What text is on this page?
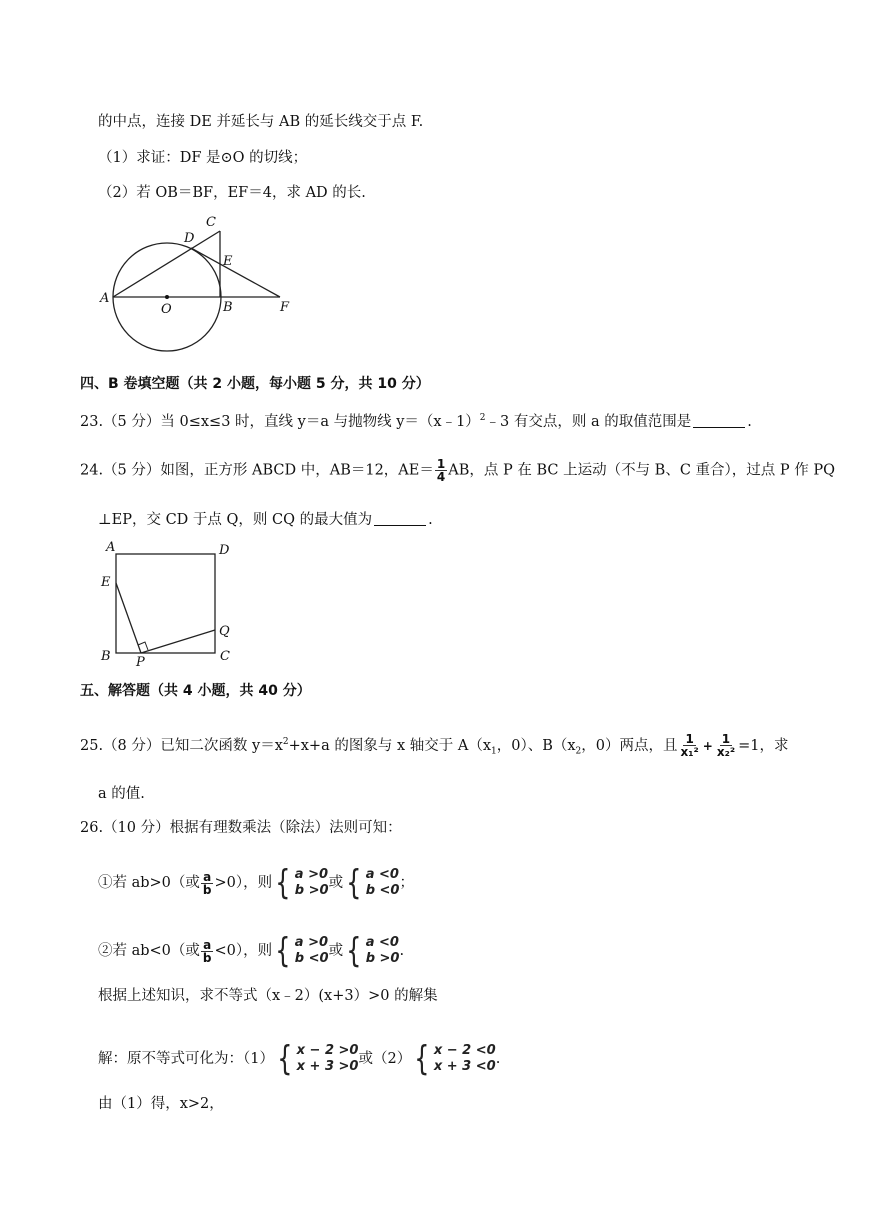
的中点，连接 DE 并延长与 AB 的延长线交于点 F.
（1）求证：DF 是⊙O 的切线；
（2）若 OB＝BF，EF＝4，求 AD 的长.
A
O	B	F
C
D
E
四、B 卷填空题（共 2 小题，每小题 5 分，共 10 分）
23.（5 分）当 0≤x≤3 时，直线 y＝a 与抛物线 y＝（x﹣1）$^2$﹣3 有交点，则 a 的取值范围是	.
24.（5 分）如图，正方形 ABCD 中，AB＝12，$AE= \frac{1}{4}$ AB，点 P 在 BC 上运动（不与 B、C 重合），过点 P 作 PQ
⊥EP，交 CD 于点 Q，则 CQ 的最大值为	.
A	D
E
B P	C
Q
五、解答题（共 4 小题，共 40 分）
25.（8 分）已知二次函数 $y=x^2+x+a$ 的图象与 x 轴交于 $A(x_1$，0）、$B(x_2$，0）两点，且 $\frac{1}{\text{x₁²}} + \frac{1}{\text{x₂²}} =1$，求
a 的值.
26.（10 分）根据有理数乘法（除法）法则可知：
①若 ab>0（或 $\frac{a}{b} >0$），则 { a >0
b >0 或 { a <0
b <0 ；
②若 ab<0（或 $\frac{a}{b} <0$），则 { a >0
b <0 或 { a <0
b >0 .
根据上述知识，求不等式（x﹣2）(x+3）>0 的解集
解：原不等式可化为：（1） { x − 2 >0
x + 3 >0 或（2） { x − 2 <0
x + 3 <0 .
由（1）得，x>2，
